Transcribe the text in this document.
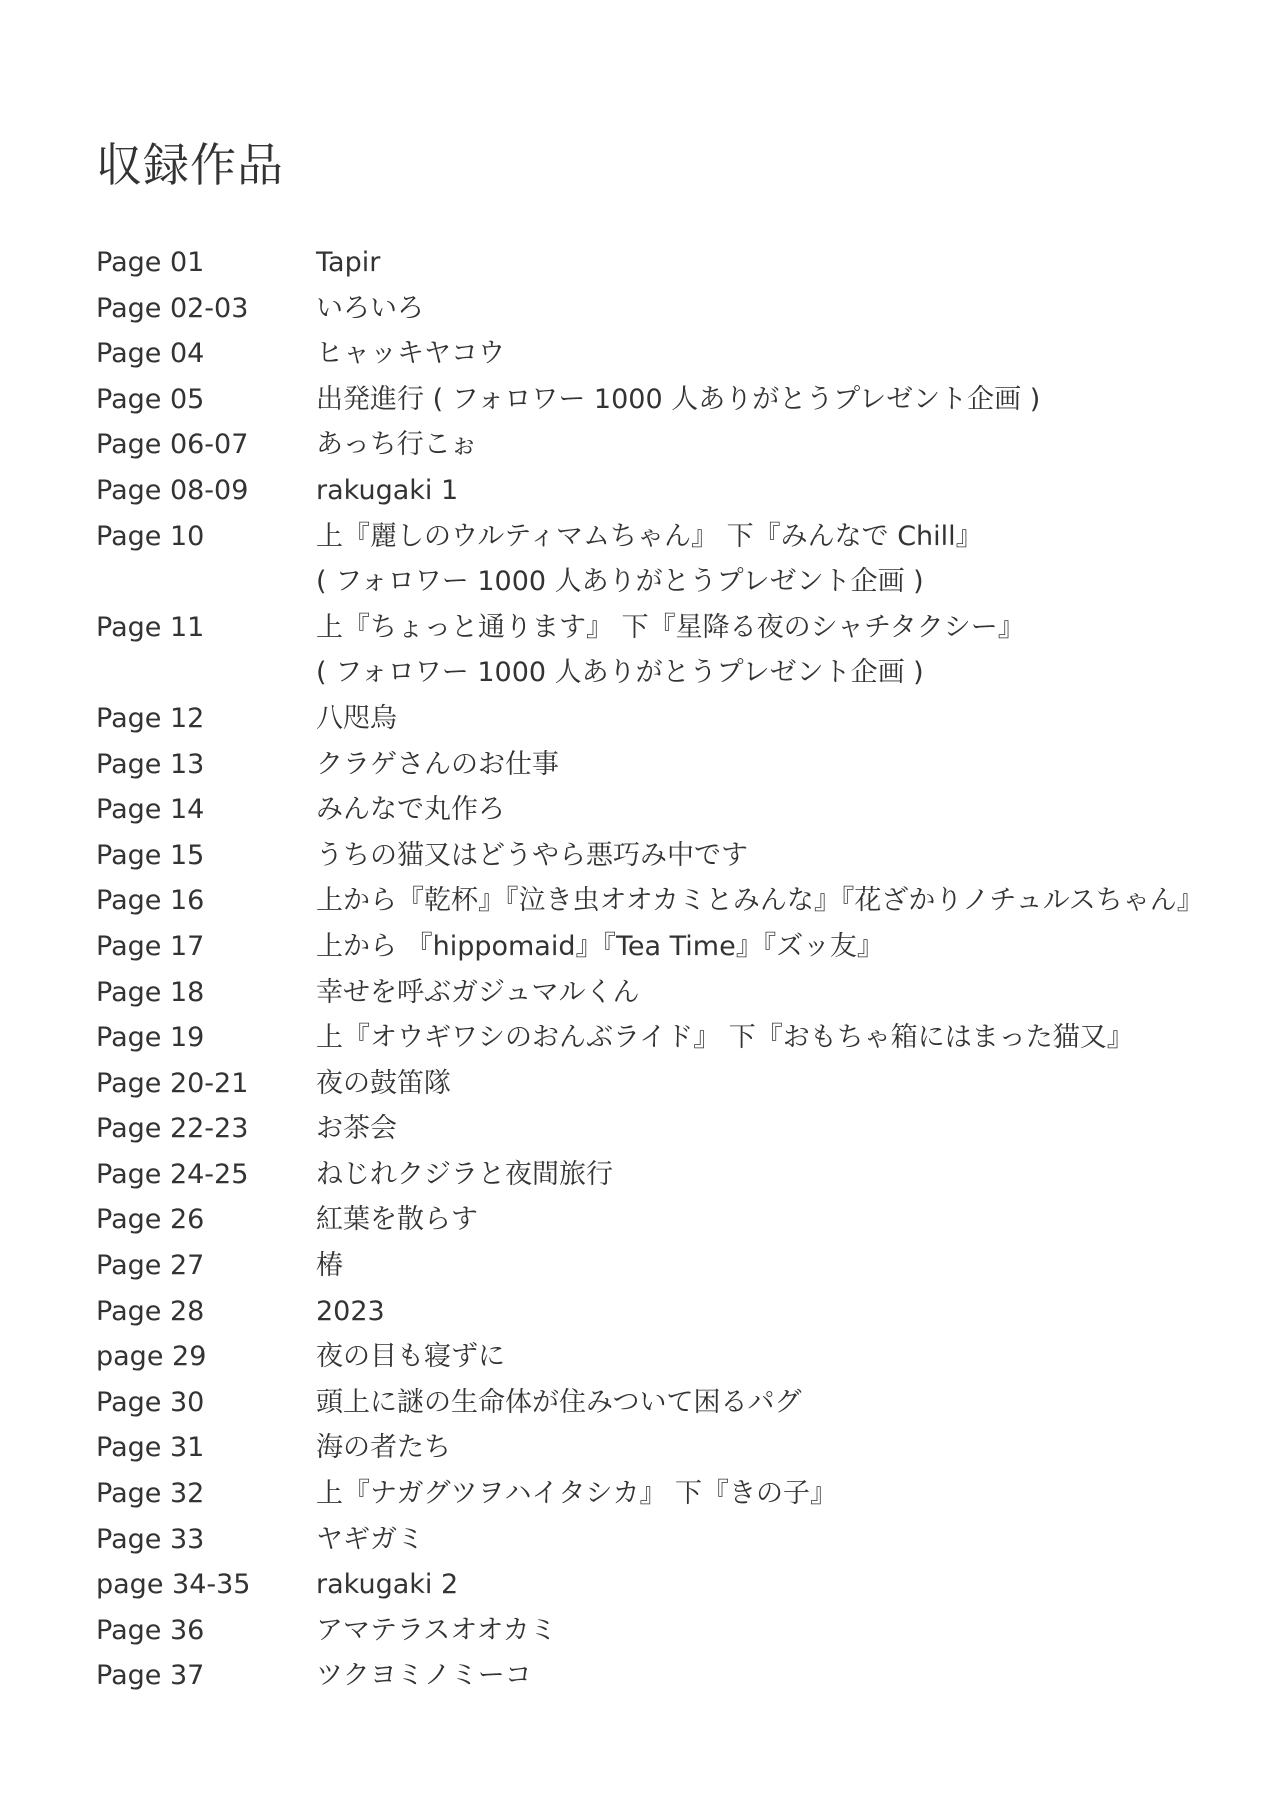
収録作品
Page 01	Tapir
Page 02-03	いろいろ
Page 04	ヒャッキヤコウ
Page 05	出発進行 ( フォロワー 1000 人ありがとうプレゼント企画 )
Page 06-07	あっち行こぉ
Page 08-09	rakugaki 1
Page 10	上『麗しのウルティマムちゃん』 下『みんなで Chill』
( フォロワー 1000 人ありがとうプレゼント企画 )
Page 11	上『ちょっと通ります』 下『星降る夜のシャチタクシー』
( フォロワー 1000 人ありがとうプレゼント企画 )
Page 12	八咫烏
Page 13	クラゲさんのお仕事
Page 14	みんなで丸作ろ
Page 15	うちの猫又はどうやら悪巧み中です
Page 16	上から『乾杯』『泣き虫オオカミとみんな』『花ざかりノチュルスちゃん』
Page 17	上から 『hippomaid』『Tea Time』『ズッ友』
Page 18	幸せを呼ぶガジュマルくん
Page 19	上『オウギワシのおんぶライド』 下『おもちゃ箱にはまった猫又』
Page 20-21	夜の鼓笛隊
Page 22-23	お茶会
Page 24-25	ねじれクジラと夜間旅行
Page 26	紅葉を散らす
Page 27	椿
Page 28	2023
page 29	夜の目も寝ずに
Page 30	頭上に謎の生命体が住みついて困るパグ
Page 31	海の者たち
Page 32	上『ナガグツヲハイタシカ』 下『きの子』
Page 33	ヤギガミ
page 34-35	rakugaki 2
Page 36	アマテラスオオカミ
Page 37	ツクヨミノミーコ
